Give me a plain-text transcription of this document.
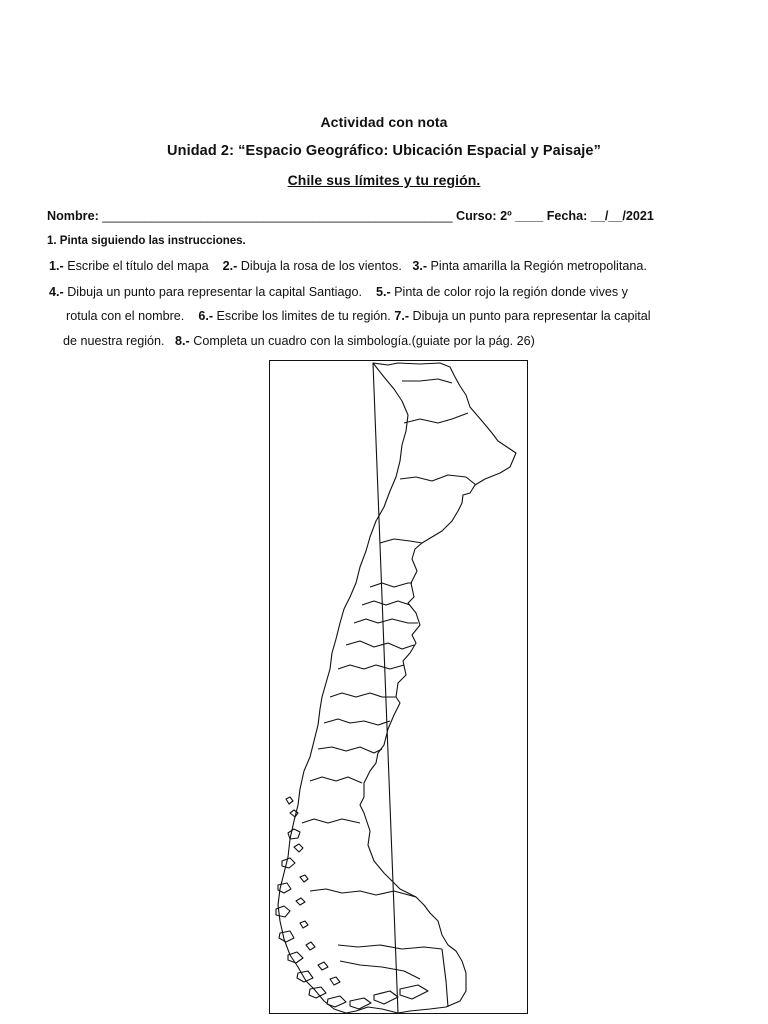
Actividad con nota
Unidad 2: “Espacio Geográfico: Ubicación Espacial y Paisaje”
Chile sus límites y tu región.
Nombre: __________________________________________________ Curso: 2º ____ Fecha: __/__/2021
1. Pinta siguiendo las instrucciones.
1.- Escribe el título del mapa 2.- Dibuja la rosa de los vientos. 3.- Pinta amarilla la Región metropolitana.
4.- Dibuja un punto para representar la capital Santiago. 5.- Pinta de color rojo la región donde vives y
rotula con el nombre. 6.- Escribe los limites de tu región. 7.- Dibuja un punto para representar la capital
de nuestra región. 8.- Completa un cuadro con la simbología.(guiate por la pág. 26)
